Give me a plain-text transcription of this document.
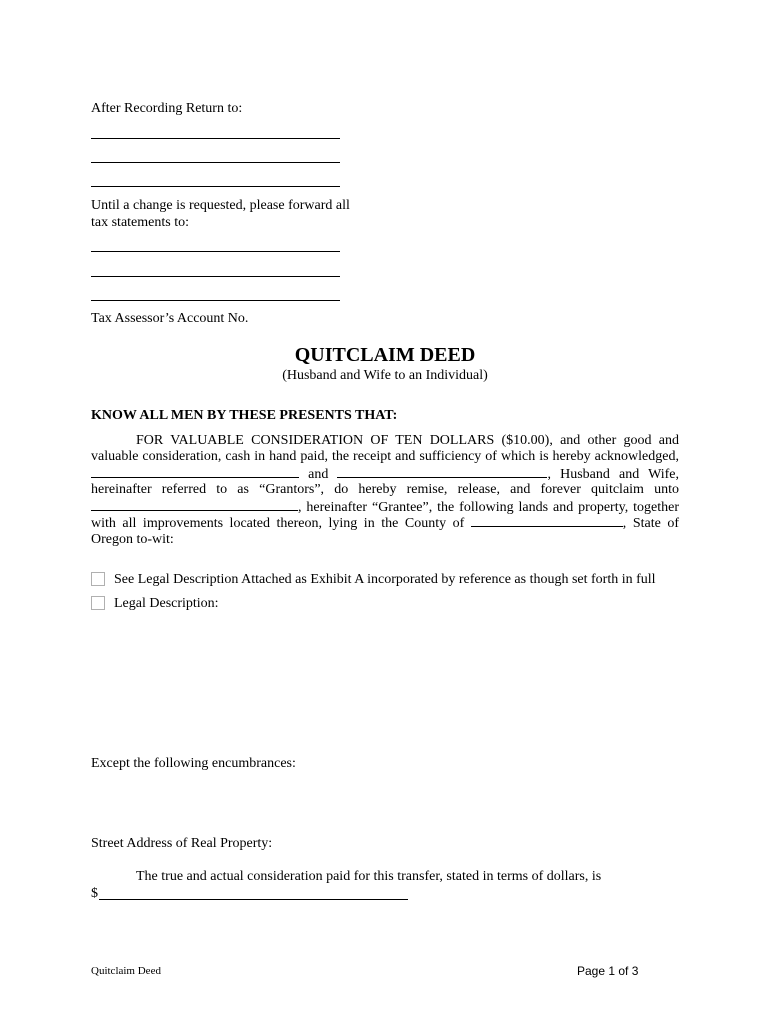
After Recording Return to:
Until a change is requested, please forward all tax statements to:
Tax Assessor’s Account No.
QUITCLAIM DEED
(Husband and Wife to an Individual)
KNOW ALL MEN BY THESE PRESENTS THAT:
FOR VALUABLE CONSIDERATION OF TEN DOLLARS ($10.00), and other good and
valuable consideration, cash in hand paid, the receipt and sufficiency of which is hereby acknowledged,
and	, Husband and Wife,
hereinafter referred to as “Grantors”, do hereby remise, release, and forever quitclaim unto
, hereinafter “Grantee”, the following lands and property, together
with all improvements located thereon, lying in the County of	, State of
Oregon to-wit:
See Legal Description Attached as Exhibit A incorporated by reference as though set forth in full
Legal Description:
Except the following encumbrances:
Street Address of Real Property:
The true and actual consideration paid for this transfer, stated in terms of dollars, is
$
Quitclaim Deed	Page 1 of 3
